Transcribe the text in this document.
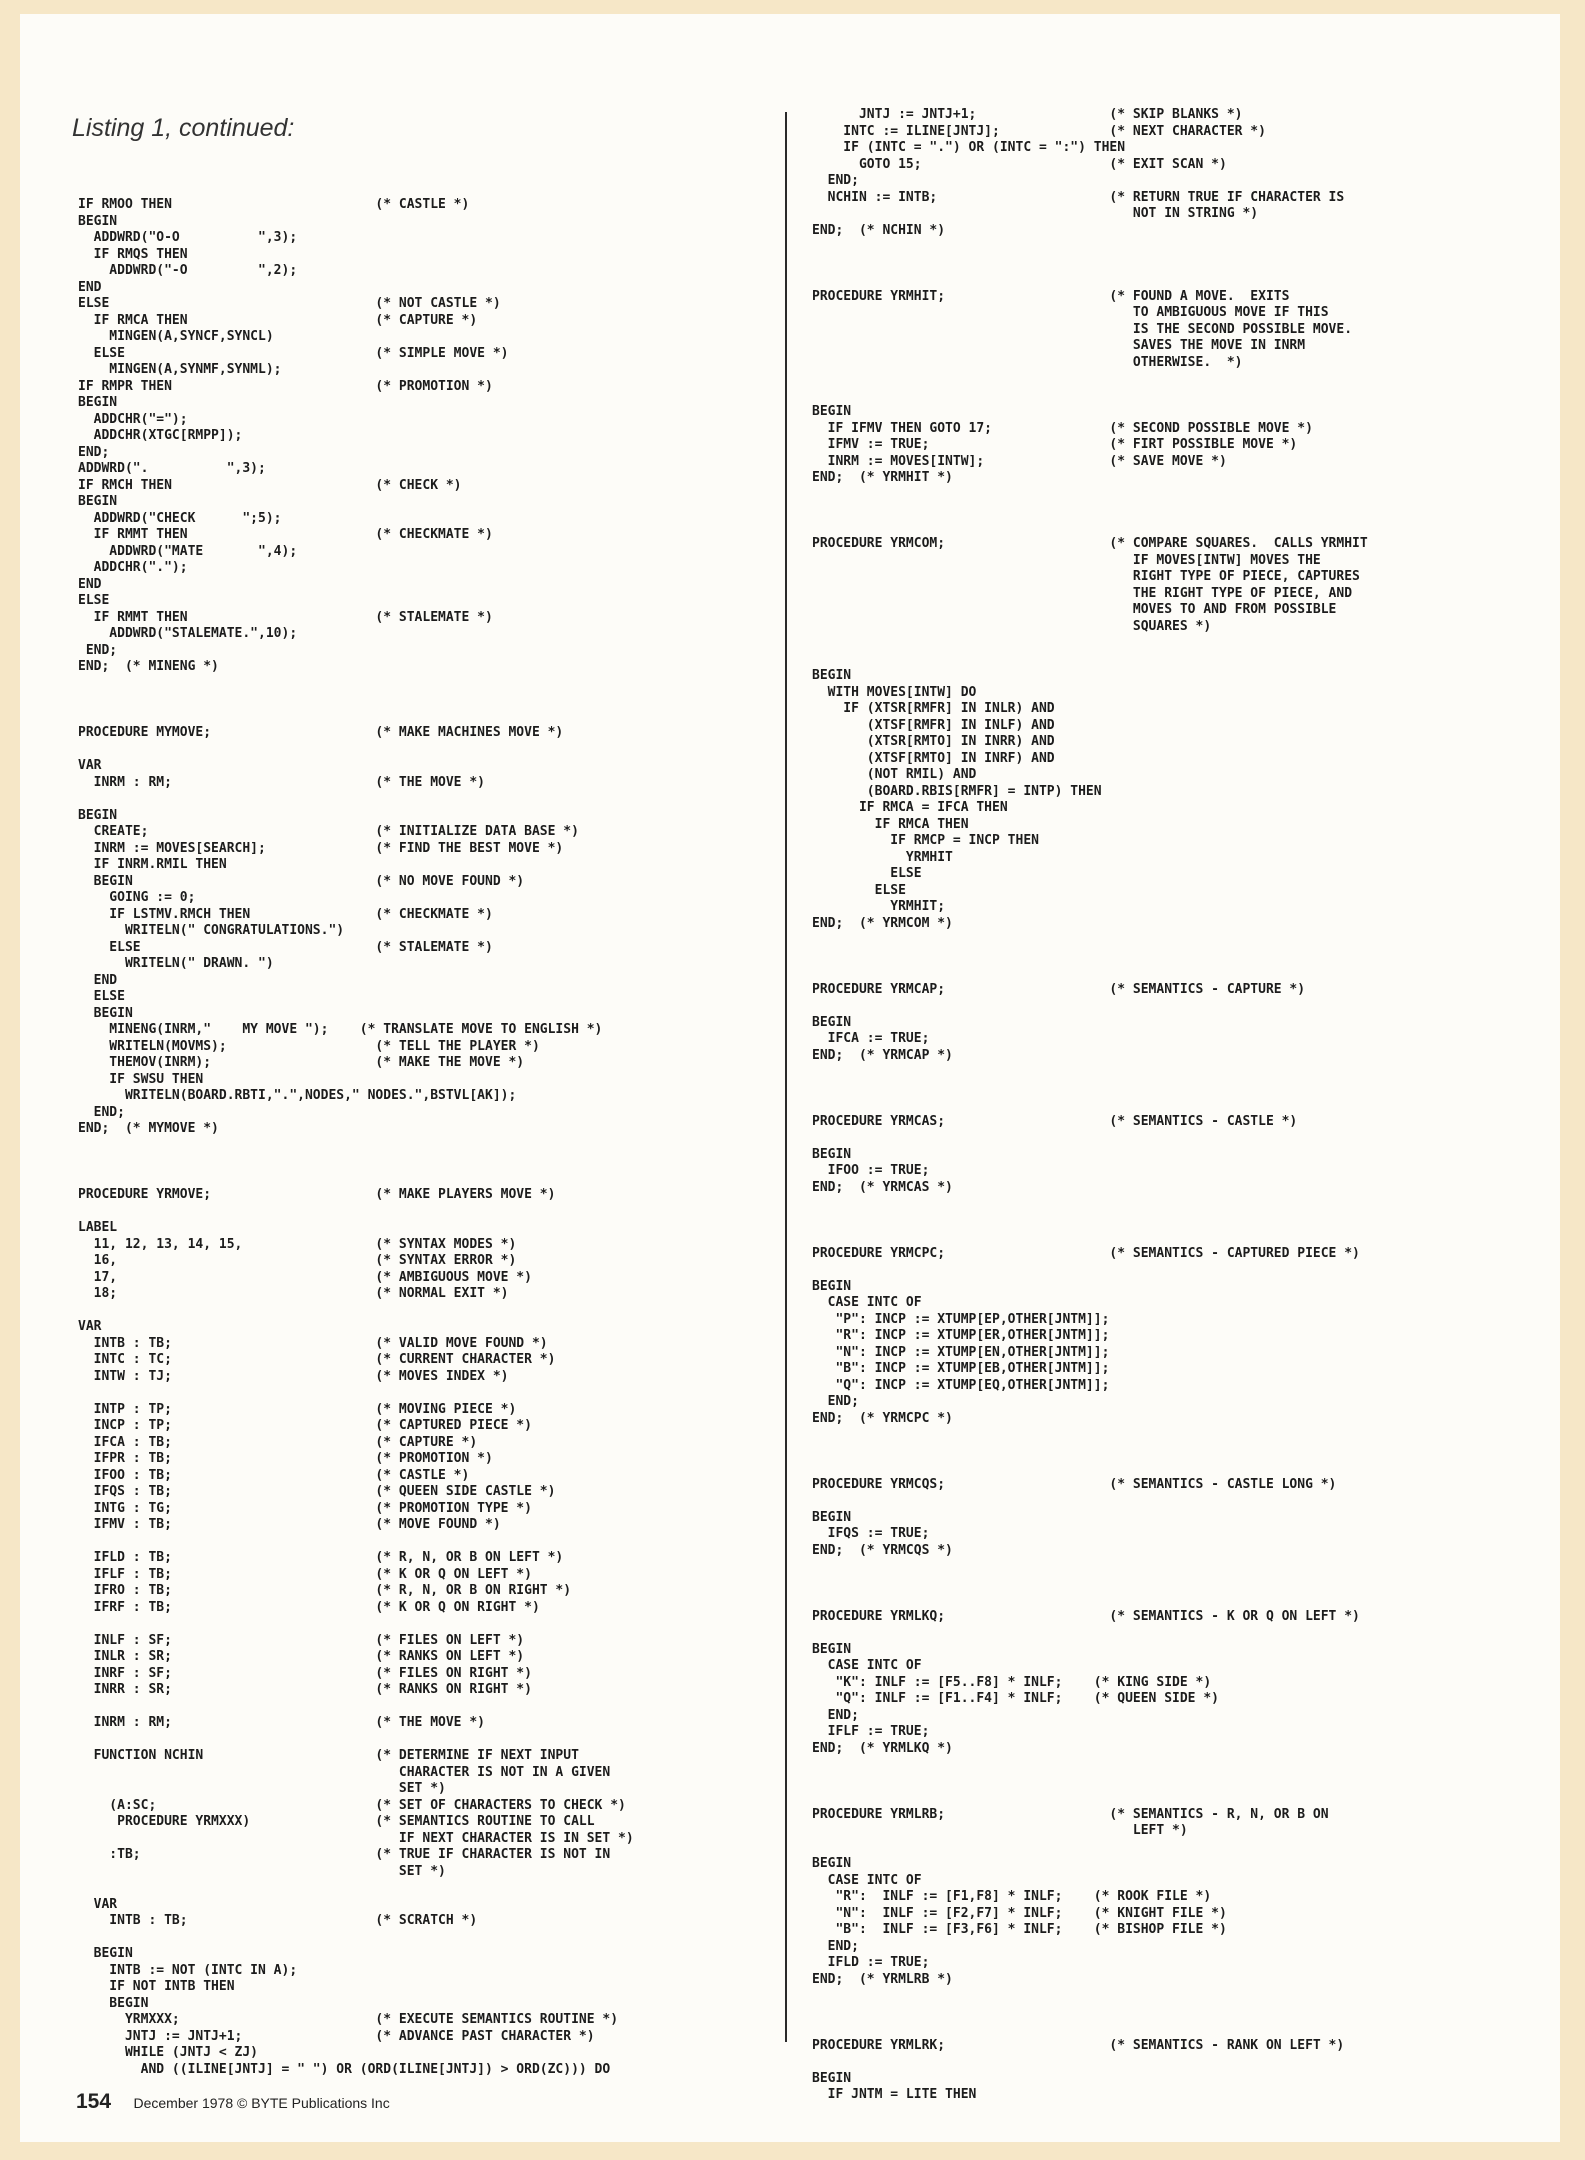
Listing 1, continued:
IF RMOO THEN                          (* CASTLE *)
BEGIN
ADDWRD("O-O          ",3);
IF RMQS THEN
ADDWRD("-O         ",2);
END
ELSE                                  (* NOT CASTLE *)
IF RMCA THEN                        (* CAPTURE *)
MINGEN(A,SYNCF,SYNCL)
ELSE                                (* SIMPLE MOVE *)
MINGEN(A,SYNMF,SYNML);
IF RMPR THEN                          (* PROMOTION *)
BEGIN
ADDCHR("=");
ADDCHR(XTGC[RMPP]);
END;
ADDWRD(".          ",3);
IF RMCH THEN                          (* CHECK *)
BEGIN
ADDWRD("CHECK      ";5);
IF RMMT THEN                        (* CHECKMATE *)
ADDWRD("MATE       ",4);
ADDCHR(".");
END
ELSE
IF RMMT THEN                        (* STALEMATE *)
ADDWRD("STALEMATE.",10);
END;
END;  (* MINENG *)
PROCEDURE MYMOVE;                     (* MAKE MACHINES MOVE *)
VAR
INRM : RM;                          (* THE MOVE *)
BEGIN
CREATE;                             (* INITIALIZE DATA BASE *)
INRM := MOVES[SEARCH];              (* FIND THE BEST MOVE *)
IF INRM.RMIL THEN
BEGIN                               (* NO MOVE FOUND *)
GOING := 0;
IF LSTMV.RMCH THEN                (* CHECKMATE *)
WRITELN(" CONGRATULATIONS.")
ELSE                              (* STALEMATE *)
WRITELN(" DRAWN. ")
END
ELSE
BEGIN
MINENG(INRM,"    MY MOVE ");    (* TRANSLATE MOVE TO ENGLISH *)
WRITELN(MOVMS);                   (* TELL THE PLAYER *)
THEMOV(INRM);                     (* MAKE THE MOVE *)
IF SWSU THEN
WRITELN(BOARD.RBTI,".",NODES," NODES.",BSTVL[AK]);
END;
END;  (* MYMOVE *)
PROCEDURE YRMOVE;                     (* MAKE PLAYERS MOVE *)
LABEL
11, 12, 13, 14, 15,                 (* SYNTAX MODES *)
16,                                 (* SYNTAX ERROR *)
17,                                 (* AMBIGUOUS MOVE *)
18;                                 (* NORMAL EXIT *)
VAR
INTB : TB;                          (* VALID MOVE FOUND *)
INTC : TC;                          (* CURRENT CHARACTER *)
INTW : TJ;                          (* MOVES INDEX *)
INTP : TP;                          (* MOVING PIECE *)
INCP : TP;                          (* CAPTURED PIECE *)
IFCA : TB;                          (* CAPTURE *)
IFPR : TB;                          (* PROMOTION *)
IFOO : TB;                          (* CASTLE *)
IFQS : TB;                          (* QUEEN SIDE CASTLE *)
INTG : TG;                          (* PROMOTION TYPE *)
IFMV : TB;                          (* MOVE FOUND *)
IFLD : TB;                          (* R, N, OR B ON LEFT *)
IFLF : TB;                          (* K OR Q ON LEFT *)
IFRO : TB;                          (* R, N, OR B ON RIGHT *)
IFRF : TB;                          (* K OR Q ON RIGHT *)
INLF : SF;                          (* FILES ON LEFT *)
INLR : SR;                          (* RANKS ON LEFT *)
INRF : SF;                          (* FILES ON RIGHT *)
INRR : SR;                          (* RANKS ON RIGHT *)
INRM : RM;                          (* THE MOVE *)
FUNCTION NCHIN                      (* DETERMINE IF NEXT INPUT
CHARACTER IS NOT IN A GIVEN
SET *)
(A:SC;                            (* SET OF CHARACTERS TO CHECK *)
PROCEDURE YRMXXX)                (* SEMANTICS ROUTINE TO CALL
IF NEXT CHARACTER IS IN SET *)
:TB;                              (* TRUE IF CHARACTER IS NOT IN
SET *)
VAR
INTB : TB;                        (* SCRATCH *)
BEGIN
INTB := NOT (INTC IN A);
IF NOT INTB THEN
BEGIN
YRMXXX;                         (* EXECUTE SEMANTICS ROUTINE *)
JNTJ := JNTJ+1;                 (* ADVANCE PAST CHARACTER *)
WHILE (JNTJ < ZJ)
AND ((ILINE[JNTJ] = " ") OR (ORD(ILINE[JNTJ]) > ORD(ZC))) DO
JNTJ := JNTJ+1;                 (* SKIP BLANKS *)
INTC := ILINE[JNTJ];              (* NEXT CHARACTER *)
IF (INTC = ".") OR (INTC = ":") THEN
GOTO 15;                        (* EXIT SCAN *)
END;
NCHIN := INTB;                      (* RETURN TRUE IF CHARACTER IS
NOT IN STRING *)
END;  (* NCHIN *)
PROCEDURE YRMHIT;                     (* FOUND A MOVE.  EXITS
TO AMBIGUOUS MOVE IF THIS
IS THE SECOND POSSIBLE MOVE.
SAVES THE MOVE IN INRM
OTHERWISE.  *)
BEGIN
IF IFMV THEN GOTO 17;               (* SECOND POSSIBLE MOVE *)
IFMV := TRUE;                       (* FIRT POSSIBLE MOVE *)
INRM := MOVES[INTW];                (* SAVE MOVE *)
END;  (* YRMHIT *)
PROCEDURE YRMCOM;                     (* COMPARE SQUARES.  CALLS YRMHIT
IF MOVES[INTW] MOVES THE
RIGHT TYPE OF PIECE, CAPTURES
THE RIGHT TYPE OF PIECE, AND
MOVES TO AND FROM POSSIBLE
SQUARES *)
BEGIN
WITH MOVES[INTW] DO
IF (XTSR[RMFR] IN INLR) AND
(XTSF[RMFR] IN INLF) AND
(XTSR[RMTO] IN INRR) AND
(XTSF[RMTO] IN INRF) AND
(NOT RMIL) AND
(BOARD.RBIS[RMFR] = INTP) THEN
IF RMCA = IFCA THEN
IF RMCA THEN
IF RMCP = INCP THEN
YRMHIT
ELSE
ELSE
YRMHIT;
END;  (* YRMCOM *)
PROCEDURE YRMCAP;                     (* SEMANTICS - CAPTURE *)
BEGIN
IFCA := TRUE;
END;  (* YRMCAP *)
PROCEDURE YRMCAS;                     (* SEMANTICS - CASTLE *)
BEGIN
IFOO := TRUE;
END;  (* YRMCAS *)
PROCEDURE YRMCPC;                     (* SEMANTICS - CAPTURED PIECE *)
BEGIN
CASE INTC OF
"P": INCP := XTUMP[EP,OTHER[JNTM]];
"R": INCP := XTUMP[ER,OTHER[JNTM]];
"N": INCP := XTUMP[EN,OTHER[JNTM]];
"B": INCP := XTUMP[EB,OTHER[JNTM]];
"Q": INCP := XTUMP[EQ,OTHER[JNTM]];
END;
END;  (* YRMCPC *)
PROCEDURE YRMCQS;                     (* SEMANTICS - CASTLE LONG *)
BEGIN
IFQS := TRUE;
END;  (* YRMCQS *)
PROCEDURE YRMLKQ;                     (* SEMANTICS - K OR Q ON LEFT *)
BEGIN
CASE INTC OF
"K": INLF := [F5..F8] * INLF;    (* KING SIDE *)
"Q": INLF := [F1..F4] * INLF;    (* QUEEN SIDE *)
END;
IFLF := TRUE;
END;  (* YRMLKQ *)
PROCEDURE YRMLRB;                     (* SEMANTICS - R, N, OR B ON
LEFT *)
BEGIN
CASE INTC OF
"R":  INLF := [F1,F8] * INLF;    (* ROOK FILE *)
"N":  INLF := [F2,F7] * INLF;    (* KNIGHT FILE *)
"B":  INLF := [F3,F6] * INLF;    (* BISHOP FILE *)
END;
IFLD := TRUE;
END;  (* YRMLRB *)
PROCEDURE YRMLRK;                     (* SEMANTICS - RANK ON LEFT *)
BEGIN
IF JNTM = LITE THEN
154 December 1978 © BYTE Publications Inc
